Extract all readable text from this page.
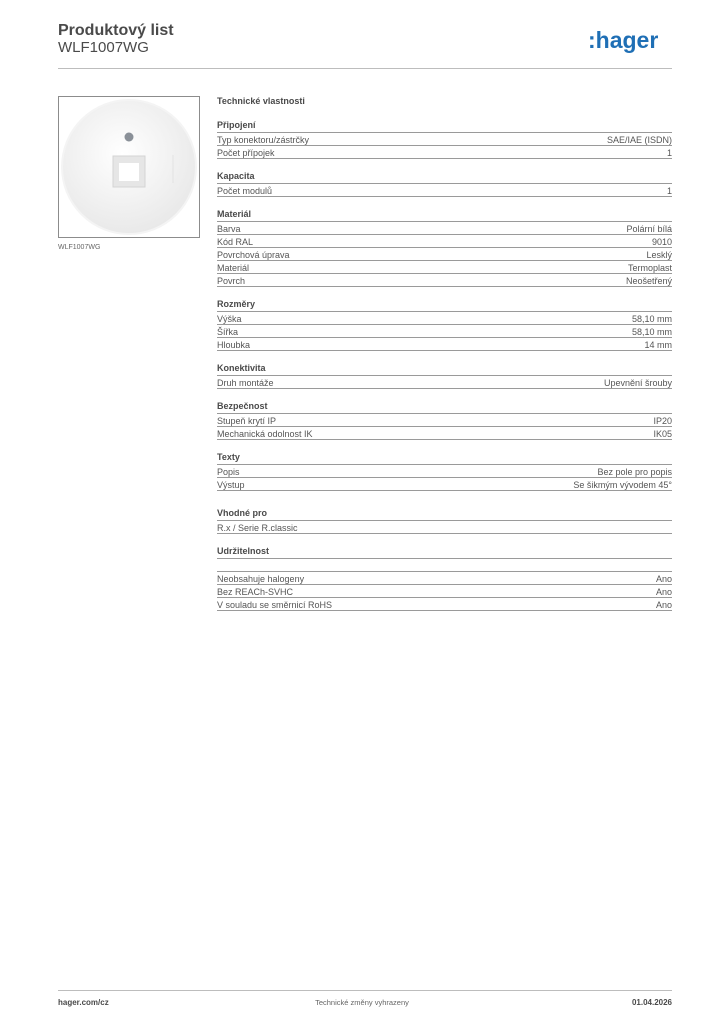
Produktový list
WLF1007WG	:hager
WLF1007WG
Technické vlastnosti
Připojení
Typ konektoru/zástrčky	SAE/IAE (ISDN)
Počet přípojek	1
Kapacita
Počet modulů	1
Materiál
Barva	Polární bílá
Kód RAL	9010
Povrchová úprava	Lesklý
Materiál	Termoplast
Povrch	Neošetřený
Rozměry
Výška	58,10 mm
Šířka	58,10 mm
Hloubka	14 mm
Konektivita
Druh montáže	Upevnění šrouby
Bezpečnost
Stupeň krytí IP	IP20
Mechanická odolnost IK	IK05
Texty
Popis	Bez pole pro popis
Výstup	Se šikmým vývodem 45°
Vhodné pro
R.x / Serie R.classic
Udržitelnost
Neobsahuje halogeny	Ano
Bez REACh-SVHC	Ano
V souladu se směrnicí RoHS	Ano
hager.com/cz	Technické změny vyhrazeny	01.04.2026
